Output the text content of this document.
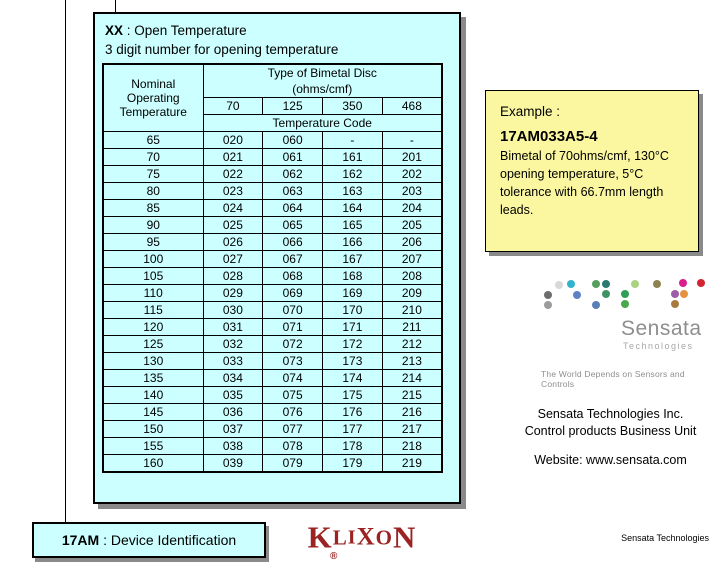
XX : Open Temperature
3 digit number for opening temperature
Nominal Operating Temperature	Type of Bimetal Disc
(ohms/cmf)			

	70	125	350	468
	Temperature Code			
65	020	060	-	-
70	021	061	161	201
75	022	062	162	202
80	023	063	163	203
85	024	064	164	204
90	025	065	165	205
95	026	066	166	206
100	027	067	167	207
105	028	068	168	208
110	029	069	169	209
115	030	070	170	210
120	031	071	171	211
125	032	072	172	212
130	033	073	173	213
135	034	074	174	214
140	035	075	175	215
145	036	076	176	216
150	037	077	177	217
155	038	078	178	218
160	039	079	179	219
Example :
17AM033A5-4
Bimetal of 70ohms/cmf, 130°C opening temperature, 5°C tolerance with 66.7mm length leads.
Sensata
Technologies
The World Depends on Sensors and Controls
Sensata Technologies Inc.
Control products Business Unit
Website: www.sensata.com
17AM : Device Identification	KLIXON
®
Sensata Technologies
